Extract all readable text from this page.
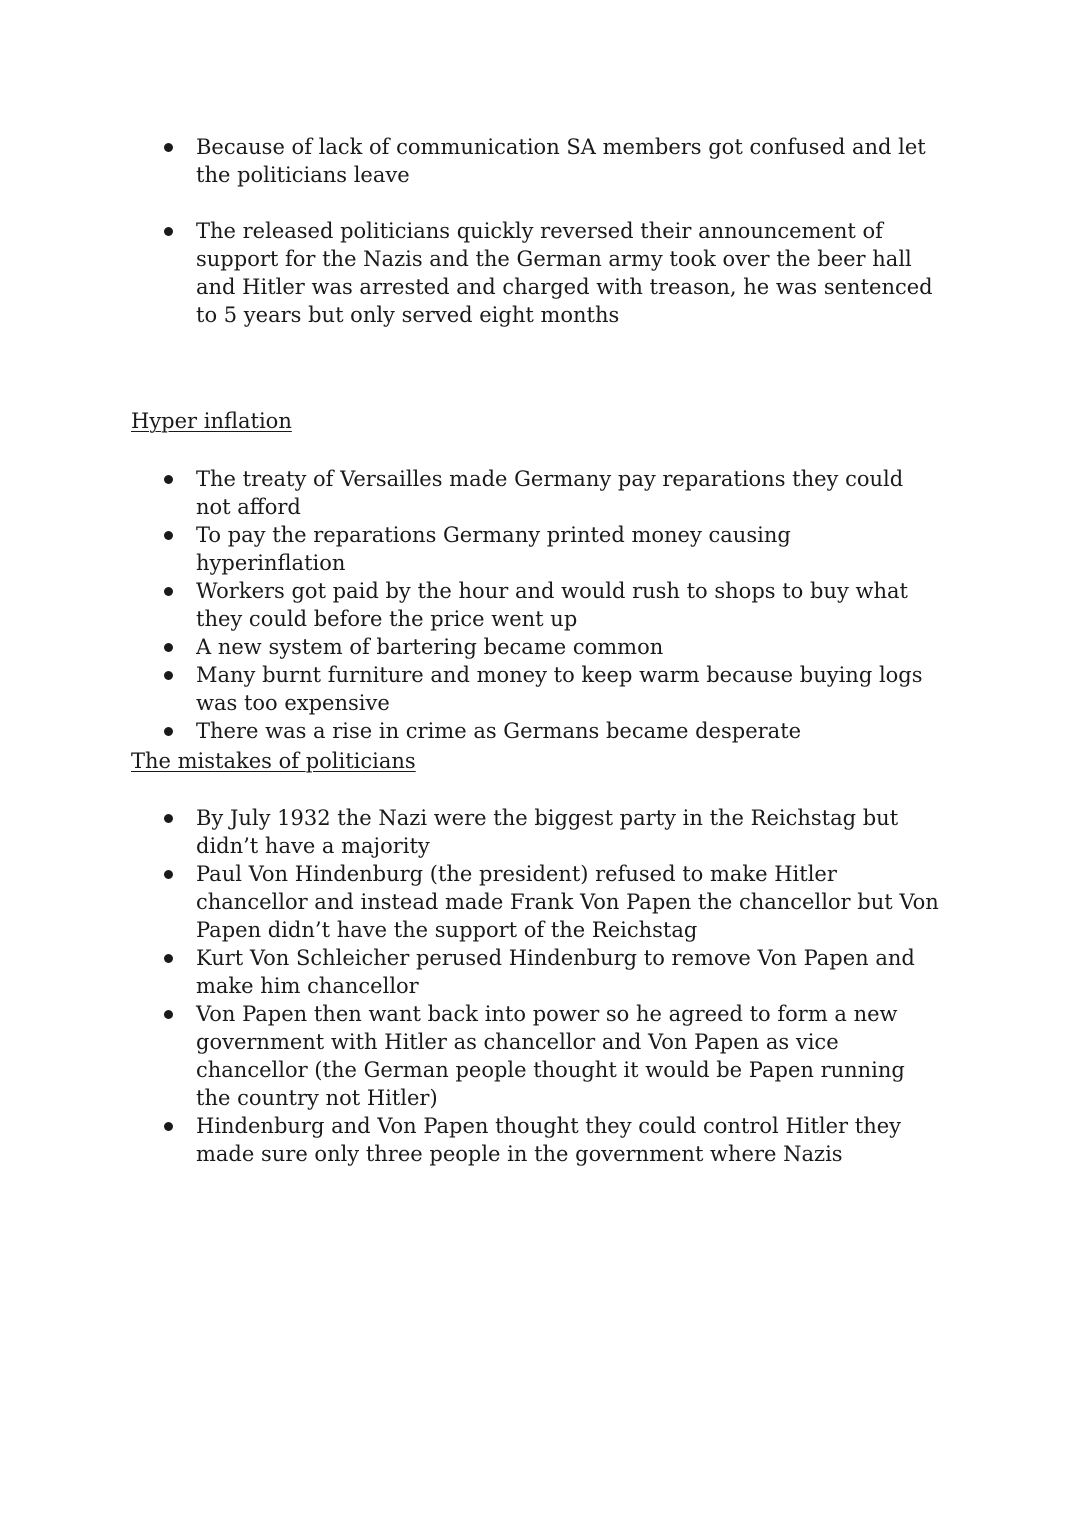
Because of lack of communication SA members got confused and let the politicians leave
The released politicians quickly reversed their announcement of support for the Nazis and the German army took over the beer hall and Hitler was arrested and charged with treason, he was sentenced to 5 years but only served eight months
Hyper inflation
The treaty of Versailles made Germany pay reparations they could not afford
To pay the reparations Germany printed money causing hyperinflation
Workers got paid by the hour and would rush to shops to buy what they could before the price went up
A new system of bartering became common
Many burnt furniture and money to keep warm because buying logs was too expensive
There was a rise in crime as Germans became desperate
The mistakes of politicians
By July 1932 the Nazi were the biggest party in the Reichstag but didn’t have a majority
Paul Von Hindenburg (the president) refused to make Hitler chancellor and instead made Frank Von Papen the chancellor but Von Papen didn’t have the support of the Reichstag
Kurt Von Schleicher perused Hindenburg to remove Von Papen and make him chancellor
Von Papen then want back into power so he agreed to form a new government with Hitler as chancellor and Von Papen as vice chancellor (the German people thought it would be Papen running the country not Hitler)
Hindenburg and Von Papen thought they could control Hitler they made sure only three people in the government where Nazis
